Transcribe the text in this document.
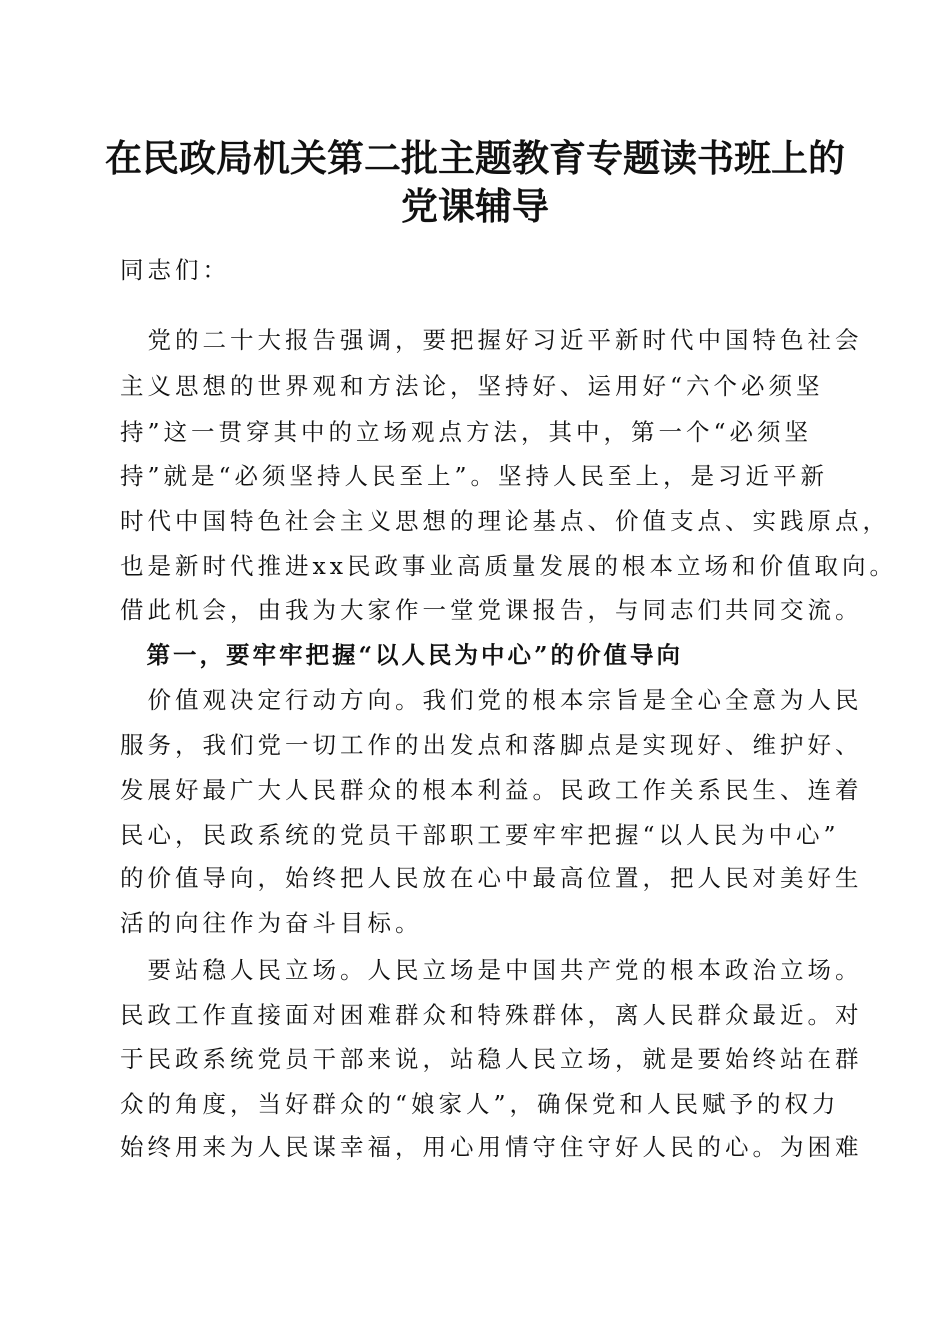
在民政局机关第二批主题教育专题读书班上的
党课辅导

同志们：

　党的二十大报告强调，要把握好习近平新时代中国特色社会

主义思想的世界观和方法论，坚持好、运用好“六个必须坚

持”这一贯穿其中的立场观点方法，其中，第一个“必须坚

持”就是“必须坚持人民至上”。坚持人民至上，是习近平新

时代中国特色社会主义思想的理论基点、价值支点、实践原点，

也是新时代推进xx民政事业高质量发展的根本立场和价值取向。

借此机会，由我为大家作一堂党课报告，与同志们共同交流。

　第一，要牢牢把握“以人民为中心”的价值导向

　价值观决定行动方向。我们党的根本宗旨是全心全意为人民

服务，我们党一切工作的出发点和落脚点是实现好、维护好、

发展好最广大人民群众的根本利益。民政工作关系民生、连着

民心，民政系统的党员干部职工要牢牢把握“以人民为中心”

的价值导向，始终把人民放在心中最高位置，把人民对美好生

活的向往作为奋斗目标。

　要站稳人民立场。人民立场是中国共产党的根本政治立场。

民政工作直接面对困难群众和特殊群体，离人民群众最近。对

于民政系统党员干部来说，站稳人民立场，就是要始终站在群

众的角度，当好群众的“娘家人”，确保党和人民赋予的权力

始终用来为人民谋幸福，用心用情守住守好人民的心。为困难
